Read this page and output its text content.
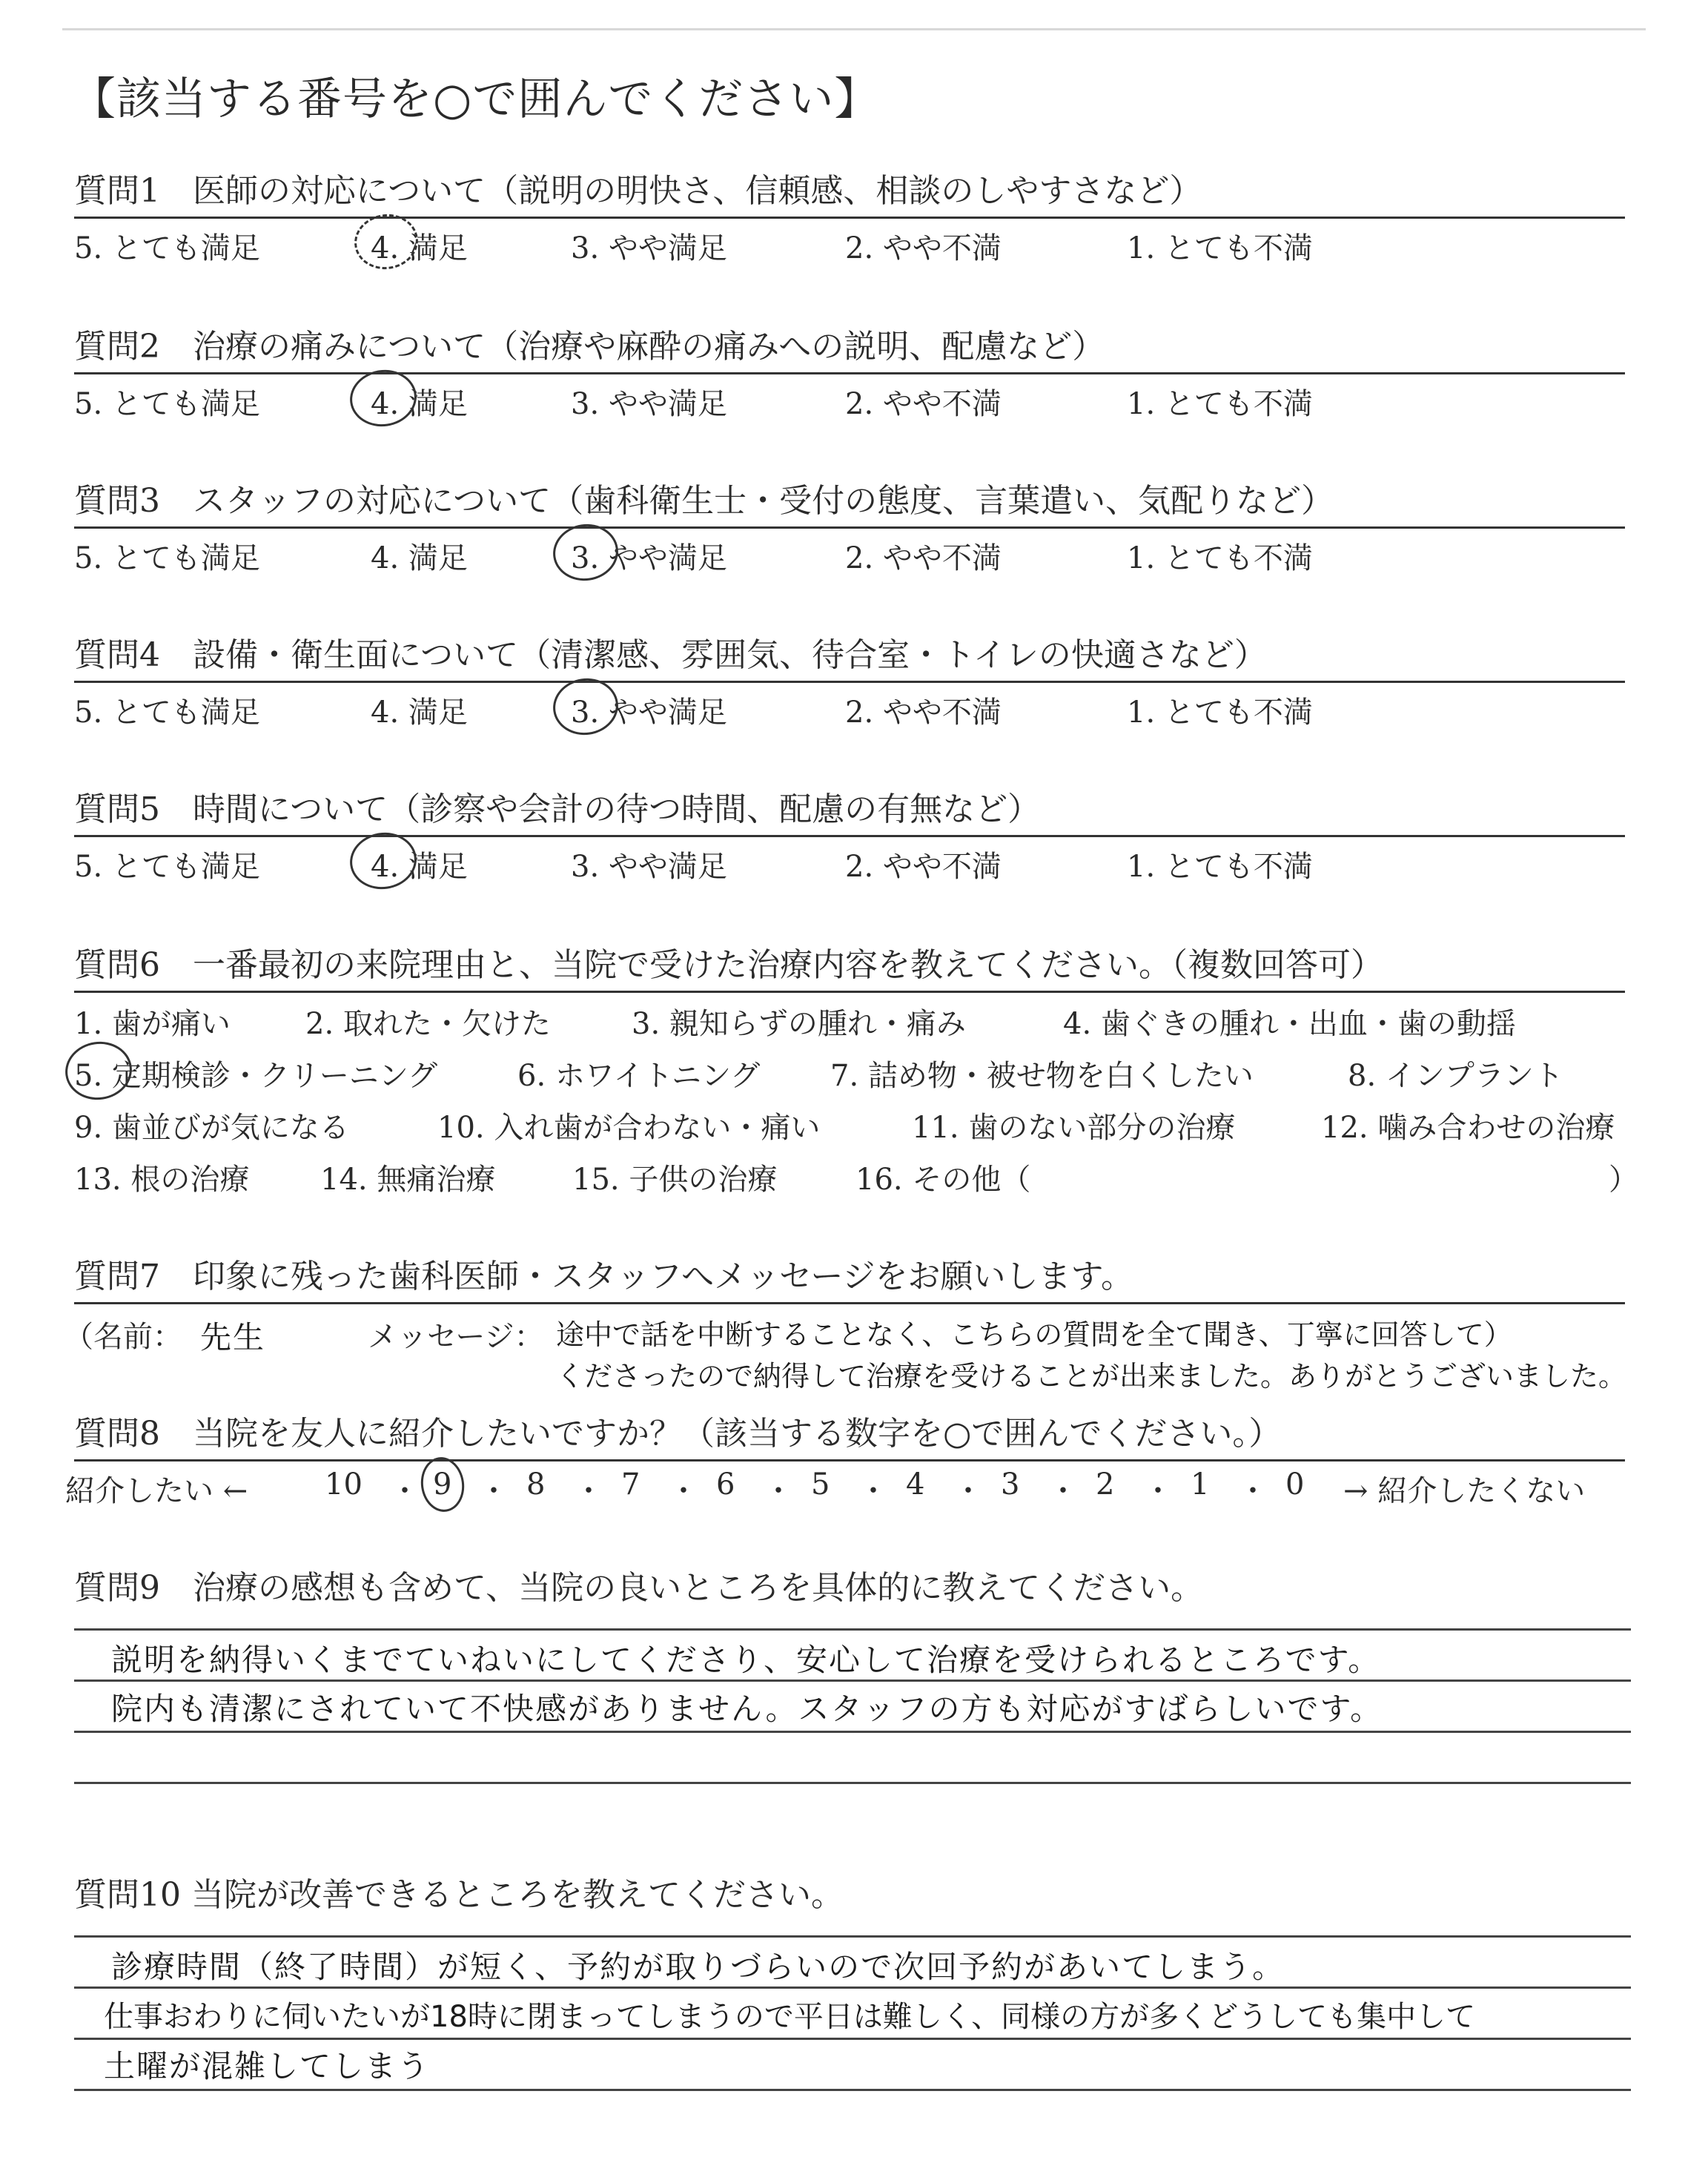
【該当する番号を○で囲んでください】
質問1　医師の対応について（説明の明快さ、信頼感、相談のしやすさなど）
5. とても満足	4. 満足	3. やや満足	2. やや不満	1. とても不満
質問2　治療の痛みについて（治療や麻酔の痛みへの説明、配慮など）
5. とても満足	4. 満足	3. やや満足	2. やや不満	1. とても不満
質問3　スタッフの対応について（歯科衛生士・受付の態度、言葉遣い、気配りなど）
5. とても満足	4. 満足	3. やや満足	2. やや不満	1. とても不満
質問4　設備・衛生面について（清潔感、雰囲気、待合室・トイレの快適さなど）
5. とても満足	4. 満足	3. やや満足	2. やや不満	1. とても不満
質問5　時間について（診察や会計の待つ時間、配慮の有無など）
5. とても満足	4. 満足	3. やや満足	2. やや不満	1. とても不満
質問6　一番最初の来院理由と、当院で受けた治療内容を教えてください。（複数回答可）
1. 歯が痛い	2. 取れた・欠けた	3. 親知らずの腫れ・痛み	4. 歯ぐきの腫れ・出血・歯の動揺
5. 定期検診・クリーニング	6. ホワイトニング 7. 詰め物・被せ物を白くしたい	8. インプラント
9. 歯並びが気になる	10. 入れ歯が合わない・痛い	11. 歯のない部分の治療	12. 噛み合わせの治療
13. 根の治療 14. 無痛治療	15. 子供の治療	16. その他（	）
質問7　印象に残った歯科医師・スタッフへメッセージをお願いします。
（名前： 先生	メッセージ： 途中で話を中断することなく、こちらの質問を全て聞き、丁寧に回答して）
くださったので納得して治療を受けることが出来ました。ありがとうございました。
質問8　当院を友人に紹介したいですか？（該当する数字を○で囲んでください。）
紹介したい ←	10 ・ 9 ・ 8 ・ 7 ・ 6 ・ 5 ・ 4 ・ 3 ・ 2 ・ 1 ・ 0 → 紹介したくない
質問9　治療の感想も含めて、当院の良いところを具体的に教えてください。
説明を納得いくまでていねいにしてくださり、安心して治療を受けられるところです。
院内も清潔にされていて不快感がありません。スタッフの方も対応がすばらしいです。
質問10 当院が改善できるところを教えてください。
診療時間（終了時間）が短く、予約が取りづらいので次回予約があいてしまう。
仕事おわりに伺いたいが18時に閉まってしまうので平日は難しく、同様の方が多くどうしても集中して
土曜が混雑してしまう
